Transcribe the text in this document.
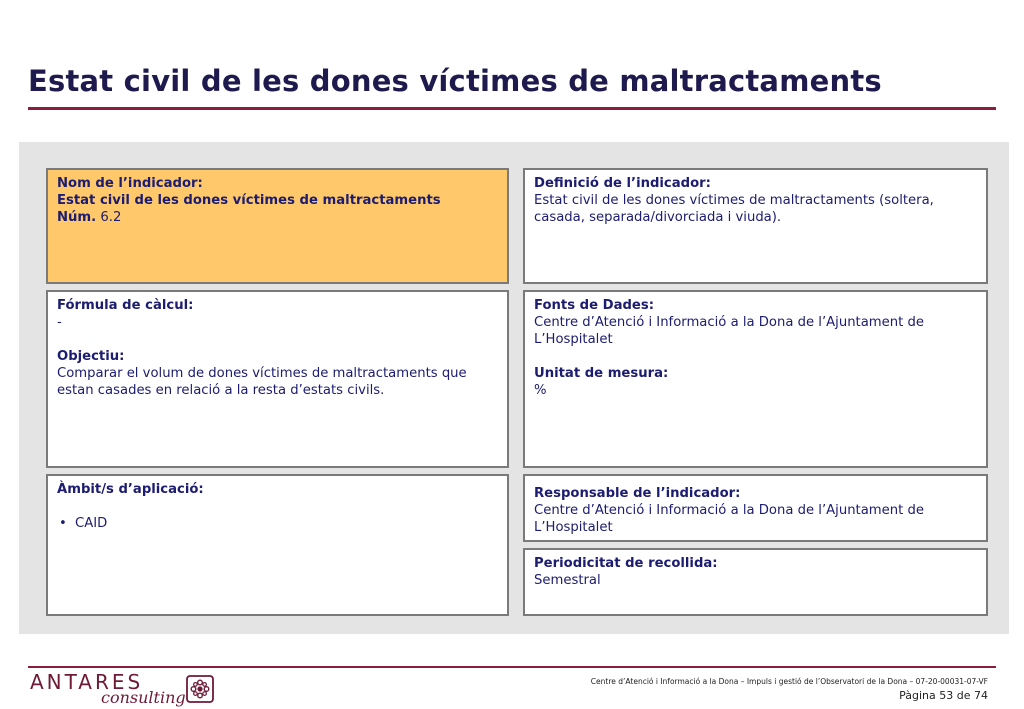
Estat civil de les dones víctimes de maltractaments
Nom de l’indicador:
Estat civil de les dones víctimes de maltractaments
Núm. 6.2
Fórmula de càlcul:
-
Objectiu:
Comparar el volum de dones víctimes de maltractaments que estan casades en relació a la resta d’estats civils.
Àmbit/s d’aplicació:
• CAID
Definició de l’indicador:
Estat civil de les dones víctimes de maltractaments (soltera, casada, separada/divorciada i viuda).
Fonts de Dades:
Centre d’Atenció i Informació a la Dona de l’Ajuntament de L’Hospitalet
Unitat de mesura:
%
Responsable de l’indicador:
Centre d’Atenció i Informació a la Dona de l’Ajuntament de L’Hospitalet
Periodicitat de recollida:
Semestral
ANTARES
consulting
Centre d’Atenció i Informació a la Dona – Impuls i gestió de l’Observatori de la Dona – 07-20-00031-07-VF
Pàgina 53 de 74
